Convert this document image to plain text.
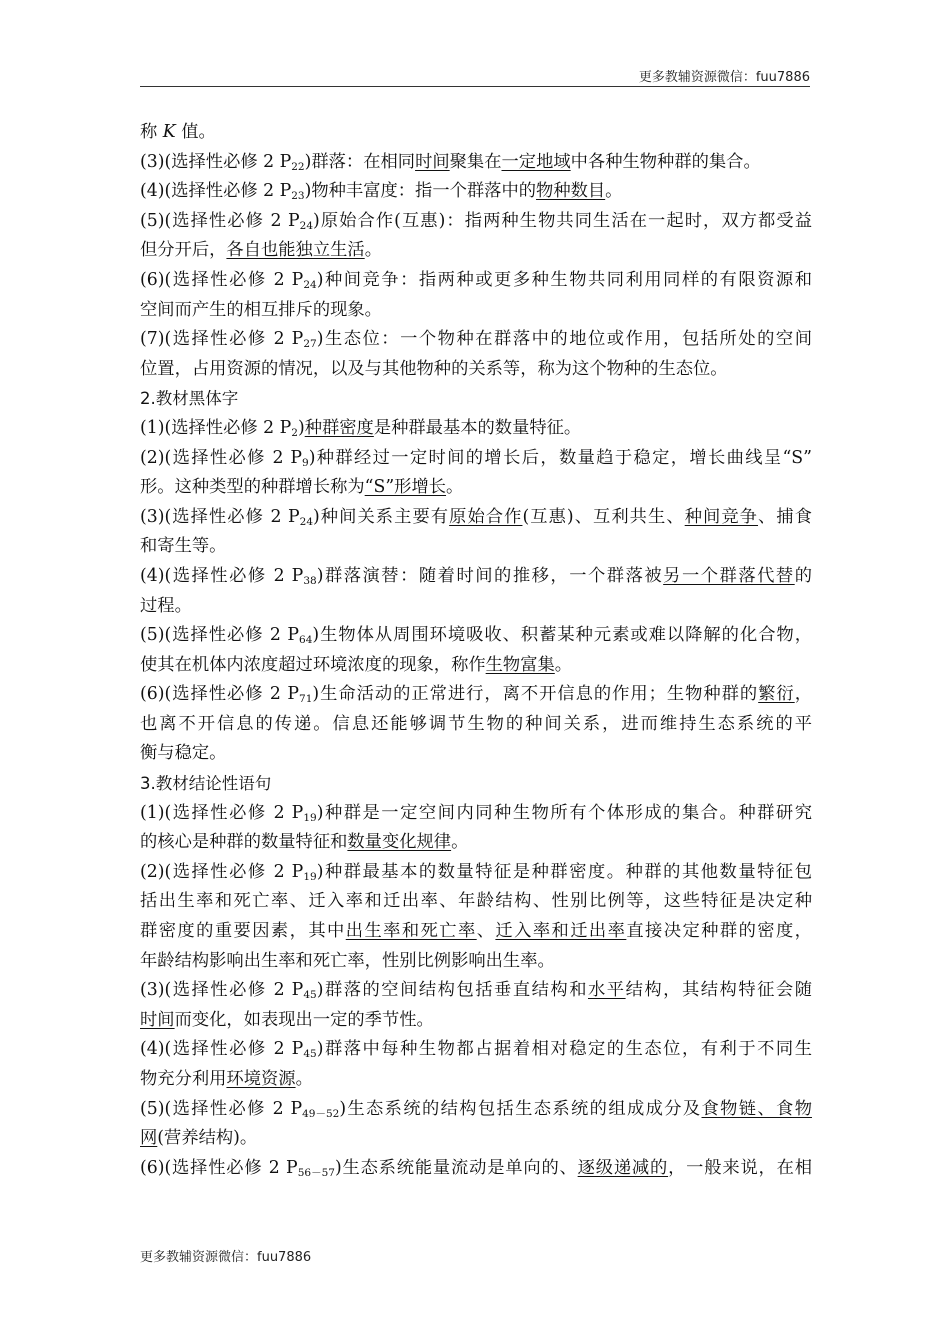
更多教辅资源微信：fuu7886
称 K 值。
(3)(选择性必修 2 $P_{22}$)群落：在相同时间聚集在一定地域中各种生物种群的集合。
(4)(选择性必修 2 $P_{23}$)物种丰富度：指一个群落中的物种数目。
(5)(选择性必修 2 $P_{24}$)原始合作(互惠)：指两种生物共同生活在一起时，双方都受益
但分开后，各自也能独立生活。
(6)(选择性必修 2 $P_{24}$)种间竞争：指两种或更多种生物共同利用同样的有限资源和
空间而产生的相互排斥的现象。
(7)(选择性必修 2 $P_{27}$)生态位：一个物种在群落中的地位或作用，包括所处的空间
位置，占用资源的情况，以及与其他物种的关系等，称为这个物种的生态位。
2.教材黑体字
(1)(选择性必修 2 $P_2$)种群密度是种群最基本的数量特征。
(2)(选择性必修 2 $P_9$)种群经过一定时间的增长后，数量趋于稳定，增长曲线呈“S”
形。这种类型的种群增长称为“S”形增长。
(3)(选择性必修 2 $P_{24}$)种间关系主要有原始合作(互惠)、互利共生、种间竞争、捕食
和寄生等。
(4)(选择性必修 2 $P_{38}$)群落演替：随着时间的推移，一个群落被另一个群落代替的
过程。
(5)(选择性必修 2 $P_{64}$)生物体从周围环境吸收、积蓄某种元素或难以降解的化合物，
使其在机体内浓度超过环境浓度的现象，称作生物富集。
(6)(选择性必修 2 $P_{71}$)生命活动的正常进行，离不开信息的作用；生物种群的繁衍，
也离不开信息的传递。信息还能够调节生物的种间关系，进而维持生态系统的平
衡与稳定。
3.教材结论性语句
(1)(选择性必修 2 $P_{19}$)种群是一定空间内同种生物所有个体形成的集合。种群研究
的核心是种群的数量特征和数量变化规律。
(2)(选择性必修 2 $P_{19}$)种群最基本的数量特征是种群密度。种群的其他数量特征包
括出生率和死亡率、迁入率和迁出率、年龄结构、性别比例等，这些特征是决定种
群密度的重要因素，其中出生率和死亡率、迁入率和迁出率直接决定种群的密度，
年龄结构影响出生率和死亡率，性别比例影响出生率。
(3)(选择性必修 2 $P_{45}$)群落的空间结构包括垂直结构和水平结构，其结构特征会随
时间而变化，如表现出一定的季节性。
(4)(选择性必修 2 $P_{45}$)群落中每种生物都占据着相对稳定的生态位，有利于不同生
物充分利用环境资源。
(5)(选择性必修 2 $P_{49-52}$)生态系统的结构包括生态系统的组成成分及食物链、食物
网(营养结构)。
(6)(选择性必修 2 $P_{56-57}$)生态系统能量流动是单向的、逐级递减的，一般来说，在相
更多教辅资源微信：fuu7886
